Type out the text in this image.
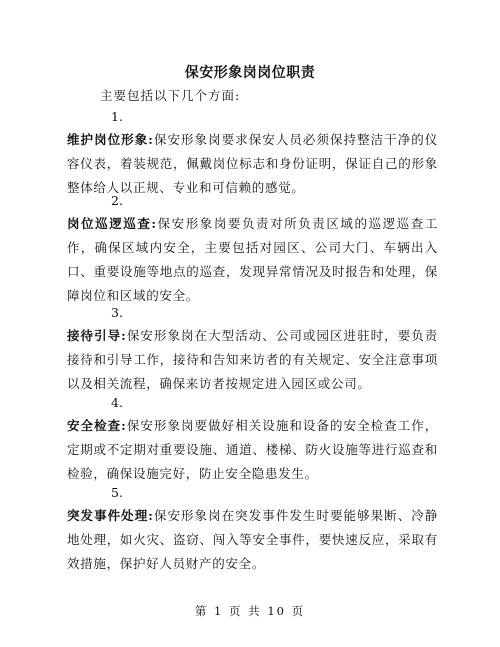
保安形象岗岗位职责
主要包括以下几个方面:
1.
维护岗位形象:保安形象岗要求保安人员必须保持整洁干净的仪容仪表，着装规范，佩戴岗位标志和身份证明，保证自己的形象整体给人以正规、专业和可信赖的感觉。
2.
岗位巡逻巡查:保安形象岗要负责对所负责区域的巡逻巡查工作，确保区域内安全，主要包括对园区、公司大门、车辆出入口、重要设施等地点的巡查，发现异常情况及时报告和处理，保障岗位和区域的安全。
3.
接待引导:保安形象岗在大型活动、公司或园区进驻时，要负责接待和引导工作，接待和告知来访者的有关规定、安全注意事项以及相关流程，确保来访者按规定进入园区或公司。
4.
安全检查:保安形象岗要做好相关设施和设备的安全检查工作，定期或不定期对重要设施、通道、楼梯、防火设施等进行巡查和检验，确保设施完好，防止安全隐患发生。
5.
突发事件处理:保安形象岗在突发事件发生时要能够果断、冷静地处理，如火灾、盗窃、闯入等安全事件，要快速反应，采取有效措施，保护好人员财产的安全。
第 1 页 共 10 页
